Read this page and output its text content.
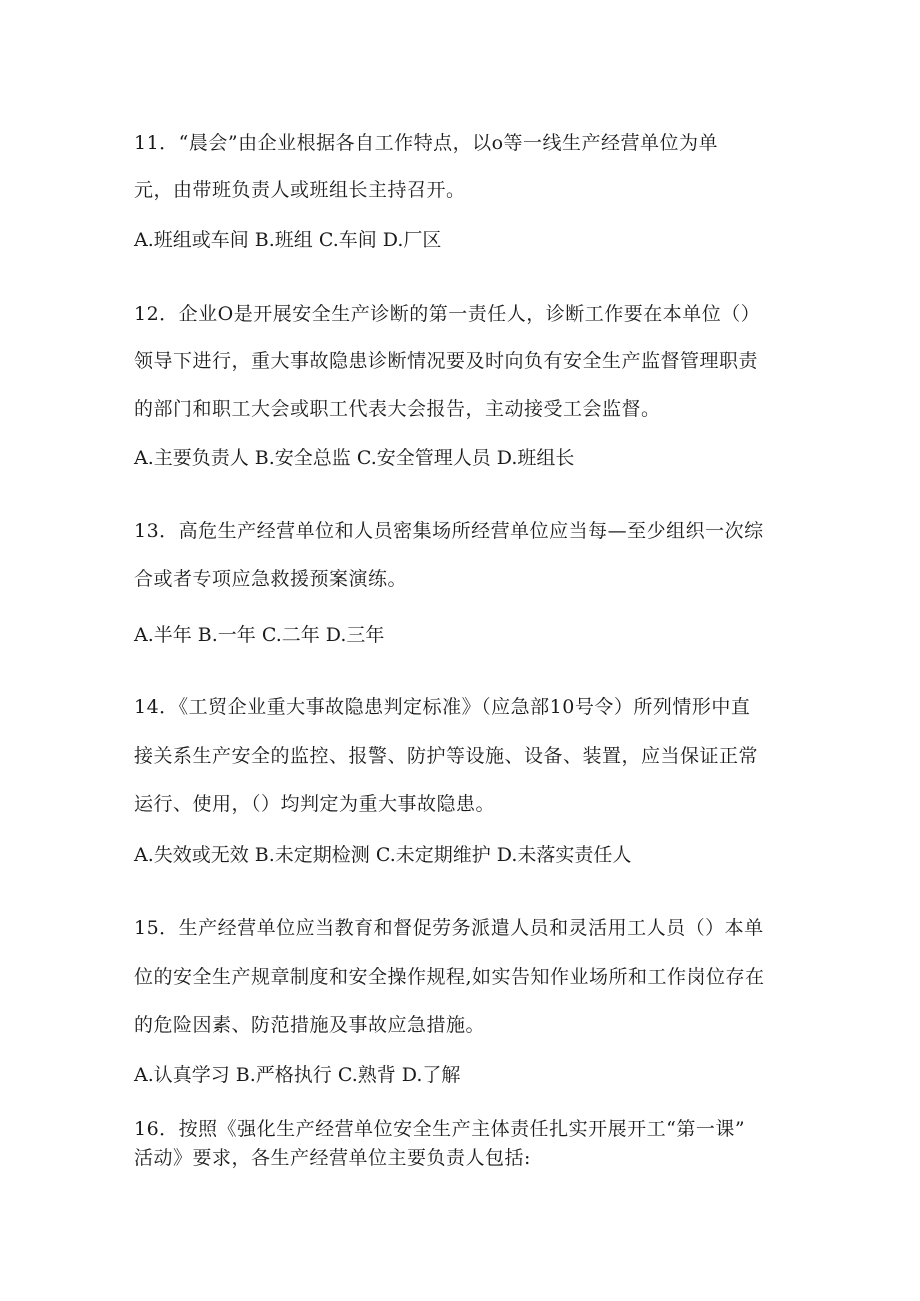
11．“晨会”由企业根据各自工作特点，以o等一线生产经营单位为单
元，由带班负责人或班组长主持召开。
A.班组或车间 B.班组 C.车间 D.厂区
12．企业O是开展安全生产诊断的第一责任人，诊断工作要在本单位（）
领导下进行，重大事故隐患诊断情况要及时向负有安全生产监督管理职责
的部门和职工大会或职工代表大会报告，主动接受工会监督。
A.主要负责人 B.安全总监 C.安全管理人员 D.班组长
13．高危生产经营单位和人员密集场所经营单位应当每—至少组织一次综
合或者专项应急救援预案演练。
A.半年 B.一年 C.二年 D.三年
14．《工贸企业重大事故隐患判定标准》（应急部10号令）所列情形中直
接关系生产安全的监控、报警、防护等设施、设备、装置，应当保证正常
运行、使用，（）均判定为重大事故隐患。
A.失效或无效 B.未定期检测 C.未定期维护 D.未落实责任人
15．生产经营单位应当教育和督促劳务派遣人员和灵活用工人员（）本单
位的安全生产规章制度和安全操作规程,如实告知作业场所和工作岗位存在
的危险因素、防范措施及事故应急措施。
A.认真学习 B.严格执行 C.熟背 D.了解
16．按照《强化生产经营单位安全生产主体责任扎实开展开工“第一课”
活动》要求，各生产经营单位主要负责人包括:
